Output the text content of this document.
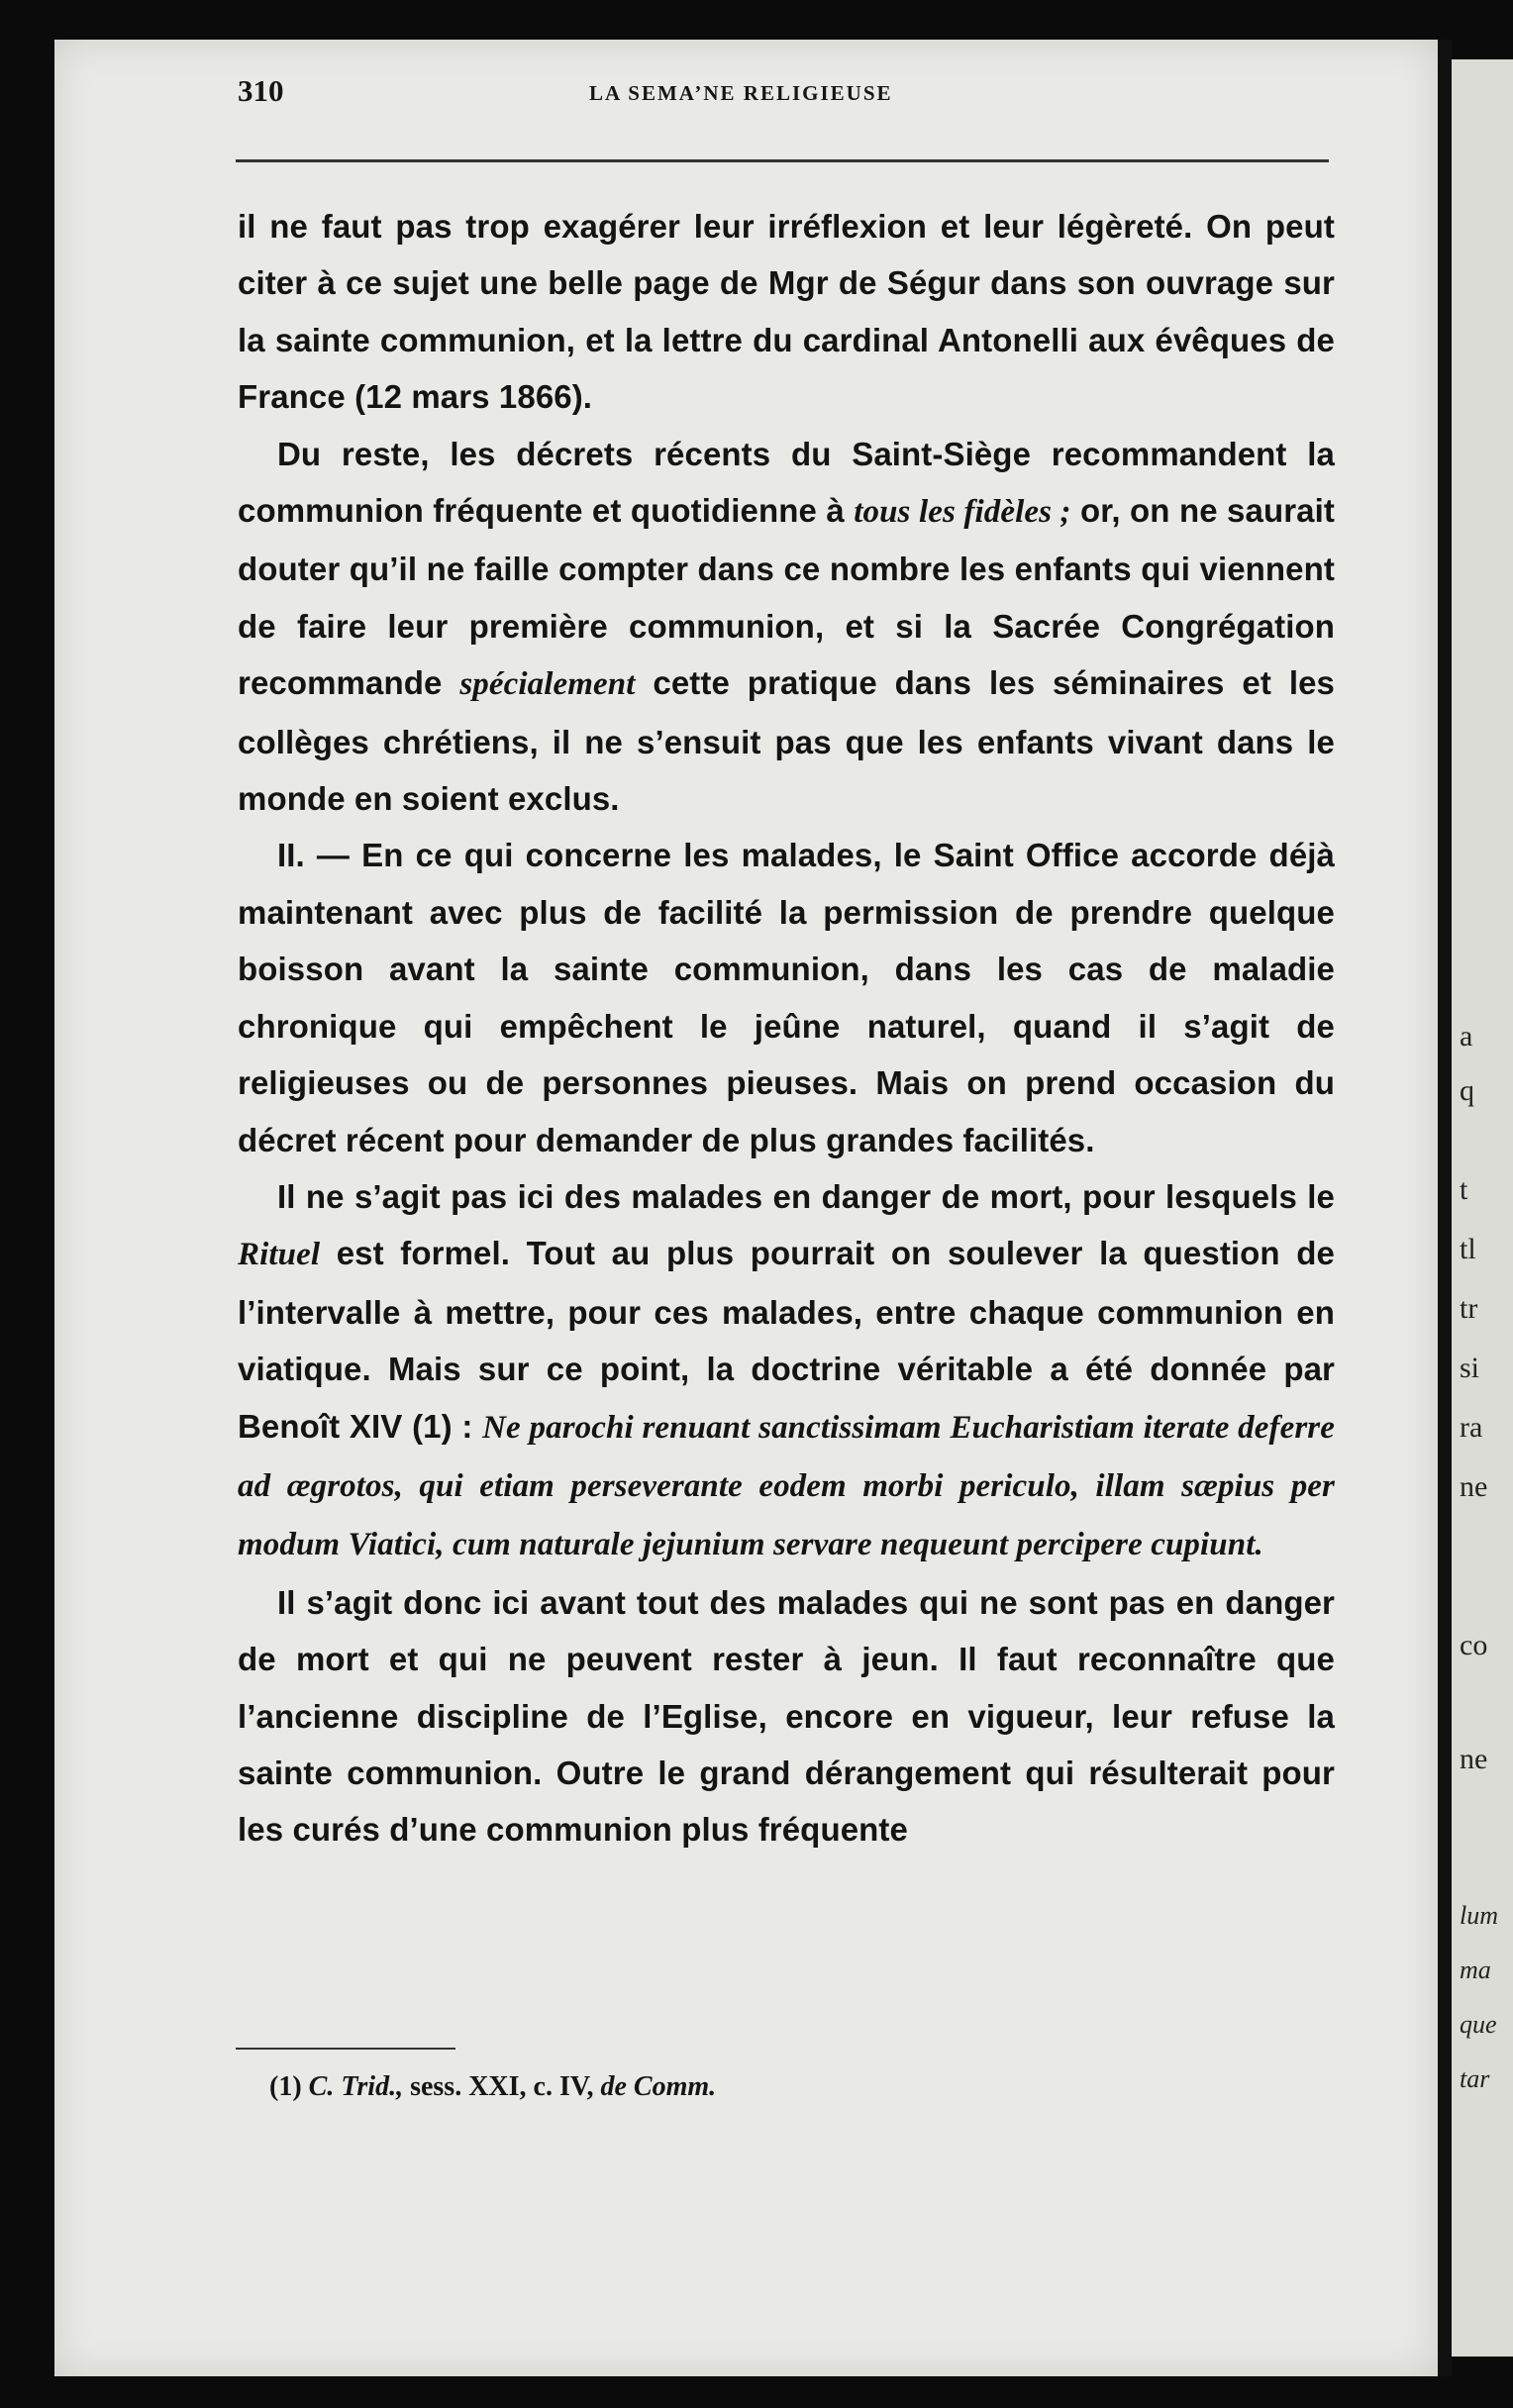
a
q
t
tl
tr
si
ra
ne
co
ne
lum
ma
que
tar
310	LA SEMA’NE RELIGIEUSE

il ne faut pas trop exagérer leur irréflexion et leur légèreté. On peut citer à ce sujet une belle page de Mgr de Ségur dans son ouvrage sur la sainte communion, et la lettre du cardinal Antonelli aux évêques de France (12 mars 1866).

Du reste, les décrets récents du Saint-Siège recommandent la communion fréquente et quotidienne à tous les fidèles ; or, on ne saurait douter qu’il ne faille compter dans ce nombre les enfants qui viennent de faire leur première communion, et si la Sacrée Congrégation recommande spécialement cette pratique dans les séminaires et les collèges chrétiens, il ne s’ensuit pas que les enfants vivant dans le monde en soient exclus.

II. — En ce qui concerne les malades, le Saint Office accorde déjà maintenant avec plus de facilité la permission de prendre quelque boisson avant la sainte communion, dans les cas de maladie chronique qui empêchent le jeûne naturel, quand il s’agit de religieuses ou de personnes pieuses. Mais on prend occasion du décret récent pour demander de plus grandes facilités.

Il ne s’agit pas ici des malades en danger de mort, pour lesquels le Rituel est formel. Tout au plus pourrait on soulever la question de l’intervalle à mettre, pour ces malades, entre chaque communion en viatique. Mais sur ce point, la doctrine véritable a été donnée par Benoît XIV (1) : Ne parochi renuant sanctissimam Eucharistiam iterate deferre ad ægrotos, qui etiam perseverante eodem morbi periculo, illam sæpius per modum Viatici, cum naturale jejunium servare nequeunt percipere cupiunt.

Il s’agit donc ici avant tout des malades qui ne sont pas en danger de mort et qui ne peuvent rester à jeun. Il faut reconnaître que l’ancienne discipline de l’Eglise, encore en vigueur, leur refuse la sainte communion. Outre le grand dérangement qui résulterait pour les curés d’une communion plus fréquente

(1) C. Trid., sess. XXI, c. IV, de Comm.
